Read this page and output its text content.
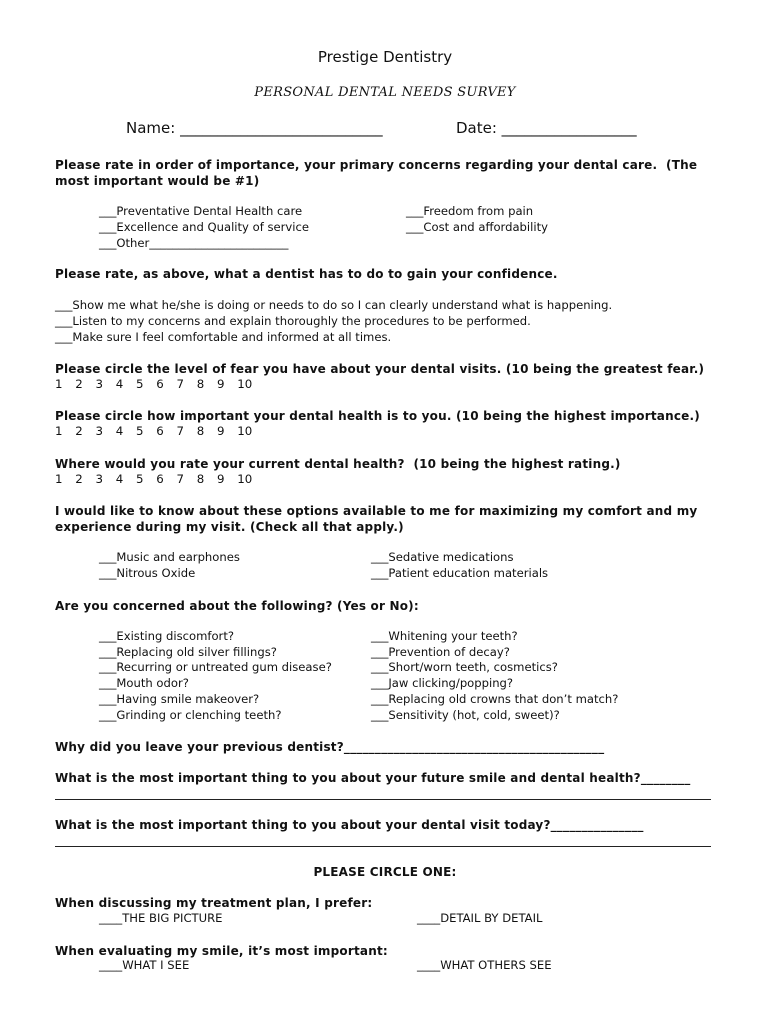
Prestige Dentistry
PERSONAL DENTAL NEEDS SURVEY
Name: ___________________________	Date: __________________
Please rate in order of importance, your primary concerns regarding your dental care.  (The
most important would be #1)
___Preventative Dental Health care
___Excellence and Quality of service
___Other________________________
___Freedom from pain
___Cost and affordability
Please rate, as above, what a dentist has to do to gain your confidence.
___Show me what he/she is doing or needs to do so I can clearly understand what is happening.
___Listen to my concerns and explain thoroughly the procedures to be performed.
___Make sure I feel comfortable and informed at all times.
Please circle the level of fear you have about your dental visits. (10 being the greatest fear.)
1 2 3 4 5 6 7 8 9 10
Please circle how important your dental health is to you. (10 being the highest importance.)
1 2 3 4 5 6 7 8 9 10
Where would you rate your current dental health?  (10 being the highest rating.)
1 2 3 4 5 6 7 8 9 10
I would like to know about these options available to me for maximizing my comfort and my
experience during my visit. (Check all that apply.)
___Music and earphones
___Nitrous Oxide
___Sedative medications
___Patient education materials
Are you concerned about the following? (Yes or No):
___Existing discomfort?
___Replacing old silver fillings?
___Recurring or untreated gum disease?
___Mouth odor?
___Having smile makeover?
___Grinding or clenching teeth?
___Whitening your teeth?
___Prevention of decay?
___Short/worn teeth, cosmetics?
___Jaw clicking/popping?
___Replacing old crowns that don’t match?
___Sensitivity (hot, cold, sweet)?
Why did you leave your previous dentist?__________________________________________
What is the most important thing to you about your future smile and dental health?________
What is the most important thing to you about your dental visit today?_______________
PLEASE CIRCLE ONE:
When discussing my treatment plan, I prefer:
____THE BIG PICTURE	____DETAIL BY DETAIL
When evaluating my smile, it’s most important:
____WHAT I SEE	____WHAT OTHERS SEE
